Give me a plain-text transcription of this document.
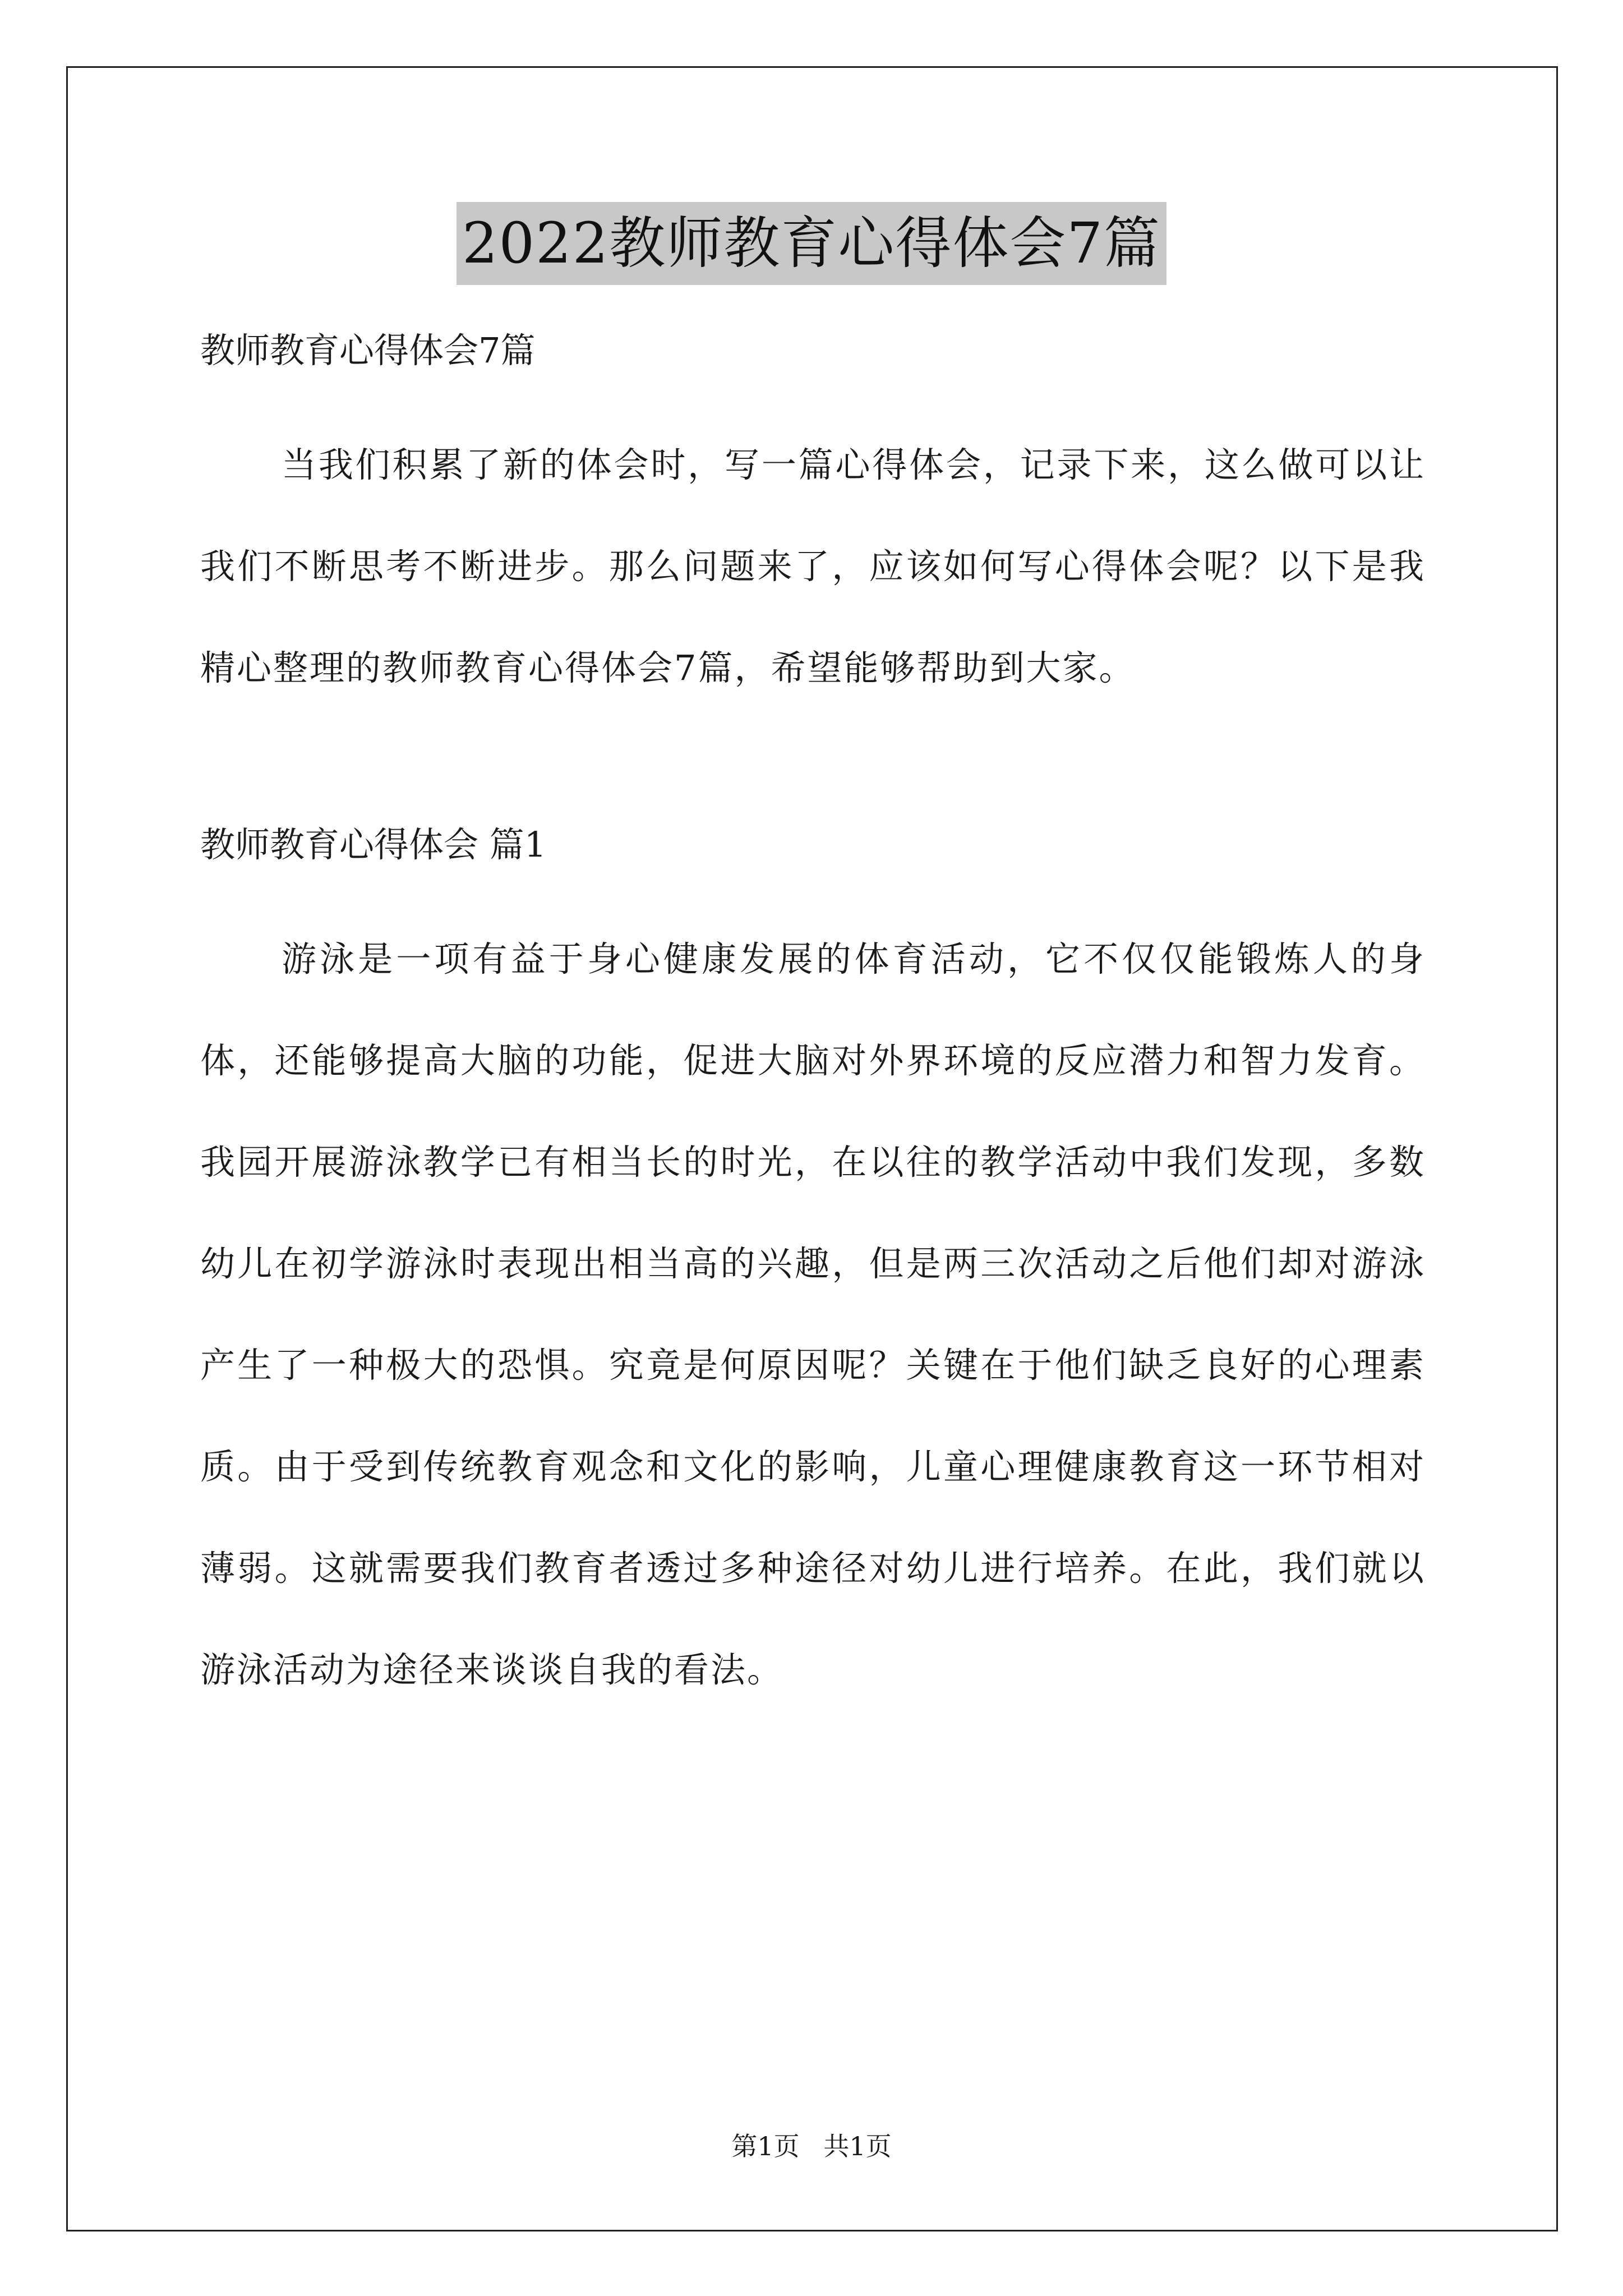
2022教师教育心得体会7篇

教师教育心得体会7篇

当我们积累了新的体会时，写一篇心得体会，记录下来，这么做可以让我们不断思考不断进步。那么问题来了，应该如何写心得体会呢？以下是我精心整理的教师教育心得体会7篇，希望能够帮助到大家。

教师教育心得体会 篇1

游泳是一项有益于身心健康发展的体育活动，它不仅仅能锻炼人的身体，还能够提高大脑的功能，促进大脑对外界环境的反应潜力和智力发育。我园开展游泳教学已有相当长的时光，在以往的教学活动中我们发现，多数幼儿在初学游泳时表现出相当高的兴趣，但是两三次活动之后他们却对游泳产生了一种极大的恐惧。究竟是何原因呢？关键在于他们缺乏良好的心理素质。由于受到传统教育观念和文化的影响，儿童心理健康教育这一环节相对薄弱。这就需要我们教育者透过多种途径对幼儿进行培养。在此，我们就以游泳活动为途径来谈谈自我的看法。

第1页 共1页
